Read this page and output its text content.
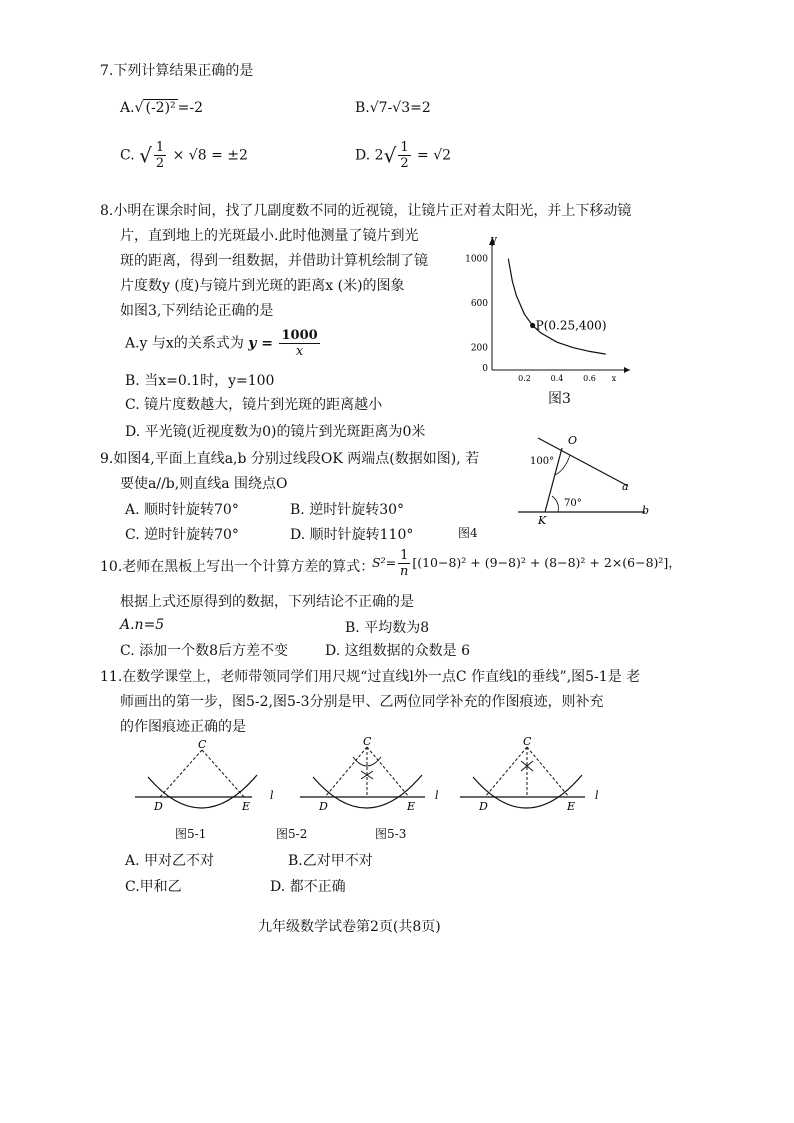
7.下列计算结果正确的是
A.√ (-2)² =-2	B.√7-√3=2
C. √ $\frac{1}{2} \times √8 = \pm 2$	D. $2√ \frac{1}{2} = √2$
8.小明在课余时间，找了几副度数不同的近视镜，让镜片正对着太阳光，并上下移动镜
片，直到地上的光斑最小.此时他测量了镜片到光
斑的距离，得到一组数据，并借助计算机绘制了镜
片度数y (度)与镜片到光斑的距离x (米)的图象
如图3,下列结论正确的是
A.y 与x的关系式为 $y = \frac{1000}{x}$
B. 当x=0.1时，y=100
C. 镜片度数越大，镜片到光斑的距离越小
D. 平光镜(近视度数为0)的镜片到光斑距离为0米
y
0
200
600
1000
0.2 0.4 0.6 x
P(0.25,400)
图3
9.如图4,平面上直线a,b 分别过线段OK 两端点(数据如图), 若
要使a//b,则直线a 围绕点O
A. 顺时针旋转70°	B. 逆时针旋转30°
C. 逆时针旋转70°	D. 顺时针旋转110°	图4
O
K
a
b
100°
70°
10.老师在黑板上写出一个计算方差的算式：
$S^2= \frac{1}{n} [(10-8)^2 + (9-8)^2 + (8-8)^2 + 2\times(6-8)^2]$，
根据上式还原得到的数据，下列结论不正确的是
A.n=5	B. 平均数为8
C. 添加一个数8后方差不变	D. 这组数据的众数是 6
11.在数学课堂上，老师带领同学们用尺规“过直线l外一点C 作直线l的垂线”,图5-1是 老
师画出的第一步，图5-2,图5-3分别是甲、乙两位同学补充的作图痕迹，则补充
的作图痕迹正确的是
C
D	E
l
C
D	E
l
C
D	E
l
图5-1	图5-2	图5-3
A. 甲对乙不对	B.乙对甲不对
C.甲和乙	D. 都不正确
九年级数学试卷第2页(共8页)
